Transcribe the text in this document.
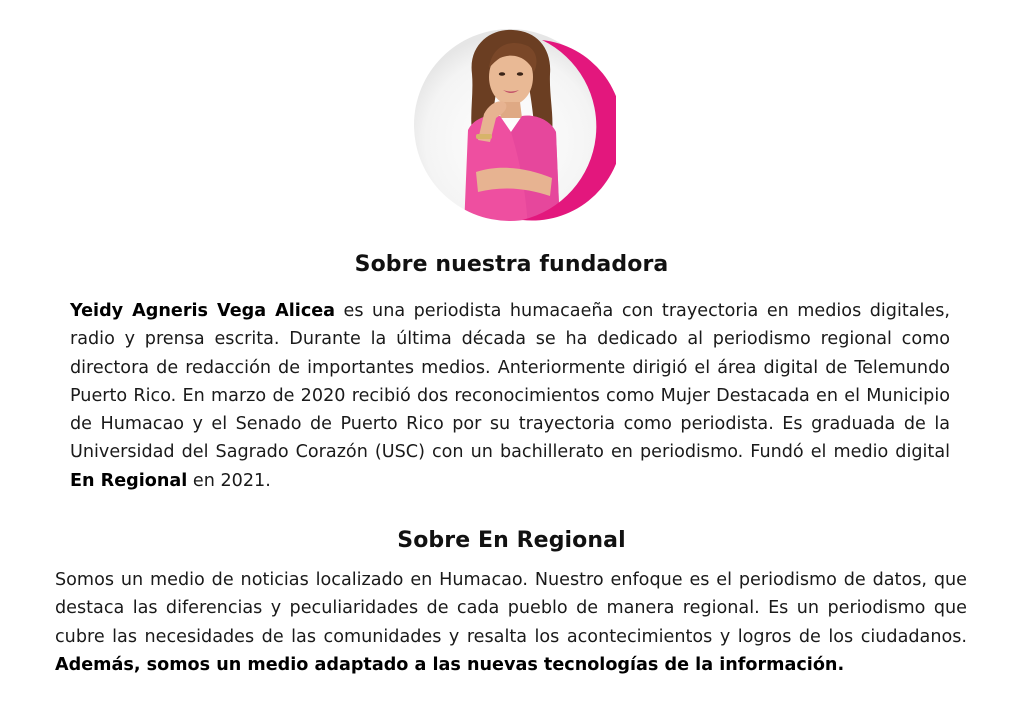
Sobre nuestra fundadora

Yeidy Agneris Vega Alicea es una periodista humacaeña con trayectoria en medios digitales, radio y prensa escrita. Durante la última década se ha dedicado al periodismo regional como directora de redacción de importantes medios. Anteriormente dirigió el área digital de Telemundo Puerto Rico. En marzo de 2020 recibió dos reconocimientos como Mujer Destacada en el Municipio de Humacao y el Senado de Puerto Rico por su trayectoria como periodista. Es graduada de la Universidad del Sagrado Corazón (USC) con un bachillerato en periodismo. Fundó el medio digital En Regional en 2021.

Sobre En Regional

Somos un medio de noticias localizado en Humacao. Nuestro enfoque es el periodismo de datos, que destaca las diferencias y peculiaridades de cada pueblo de manera regional. Es un periodismo que cubre las necesidades de las comunidades y resalta los acontecimientos y logros de los ciudadanos. Además, somos un medio adaptado a las nuevas tecnologías de la información.
